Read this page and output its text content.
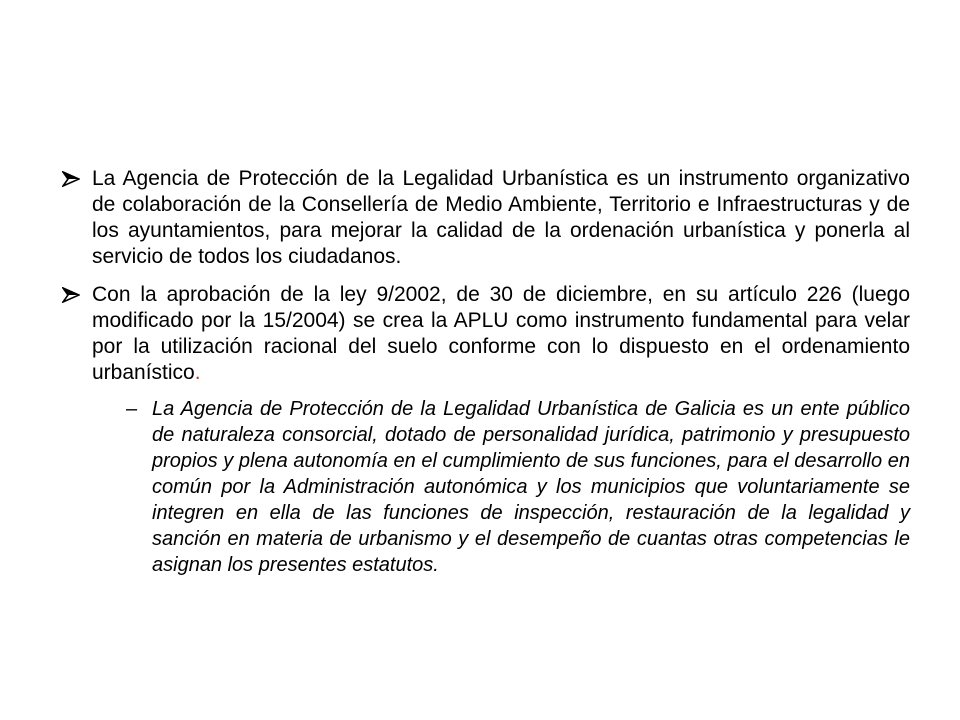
La Agencia de Protección de la Legalidad Urbanística es un instrumento organizativo de colaboración de la Consellería de Medio Ambiente, Territorio e Infraestructuras y de los ayuntamientos, para mejorar la calidad de la ordenación urbanística y ponerla al servicio de todos los ciudadanos.
Con la aprobación de la ley 9/2002, de 30 de diciembre, en su artículo 226 (luego modificado por la 15/2004) se crea la APLU como instrumento fundamental para velar por la utilización racional del suelo conforme con lo dispuesto en el ordenamiento urbanístico.
– La Agencia de Protección de la Legalidad Urbanística de Galicia es un ente público de naturaleza consorcial, dotado de personalidad jurídica, patrimonio y presupuesto propios y plena autonomía en el cumplimiento de sus funciones, para el desarrollo en común por la Administración autonómica y los municipios que voluntariamente se integren en ella de las funciones de inspección, restauración de la legalidad y sanción en materia de urbanismo y el desempeño de cuantas otras competencias le asignan los presentes estatutos.
